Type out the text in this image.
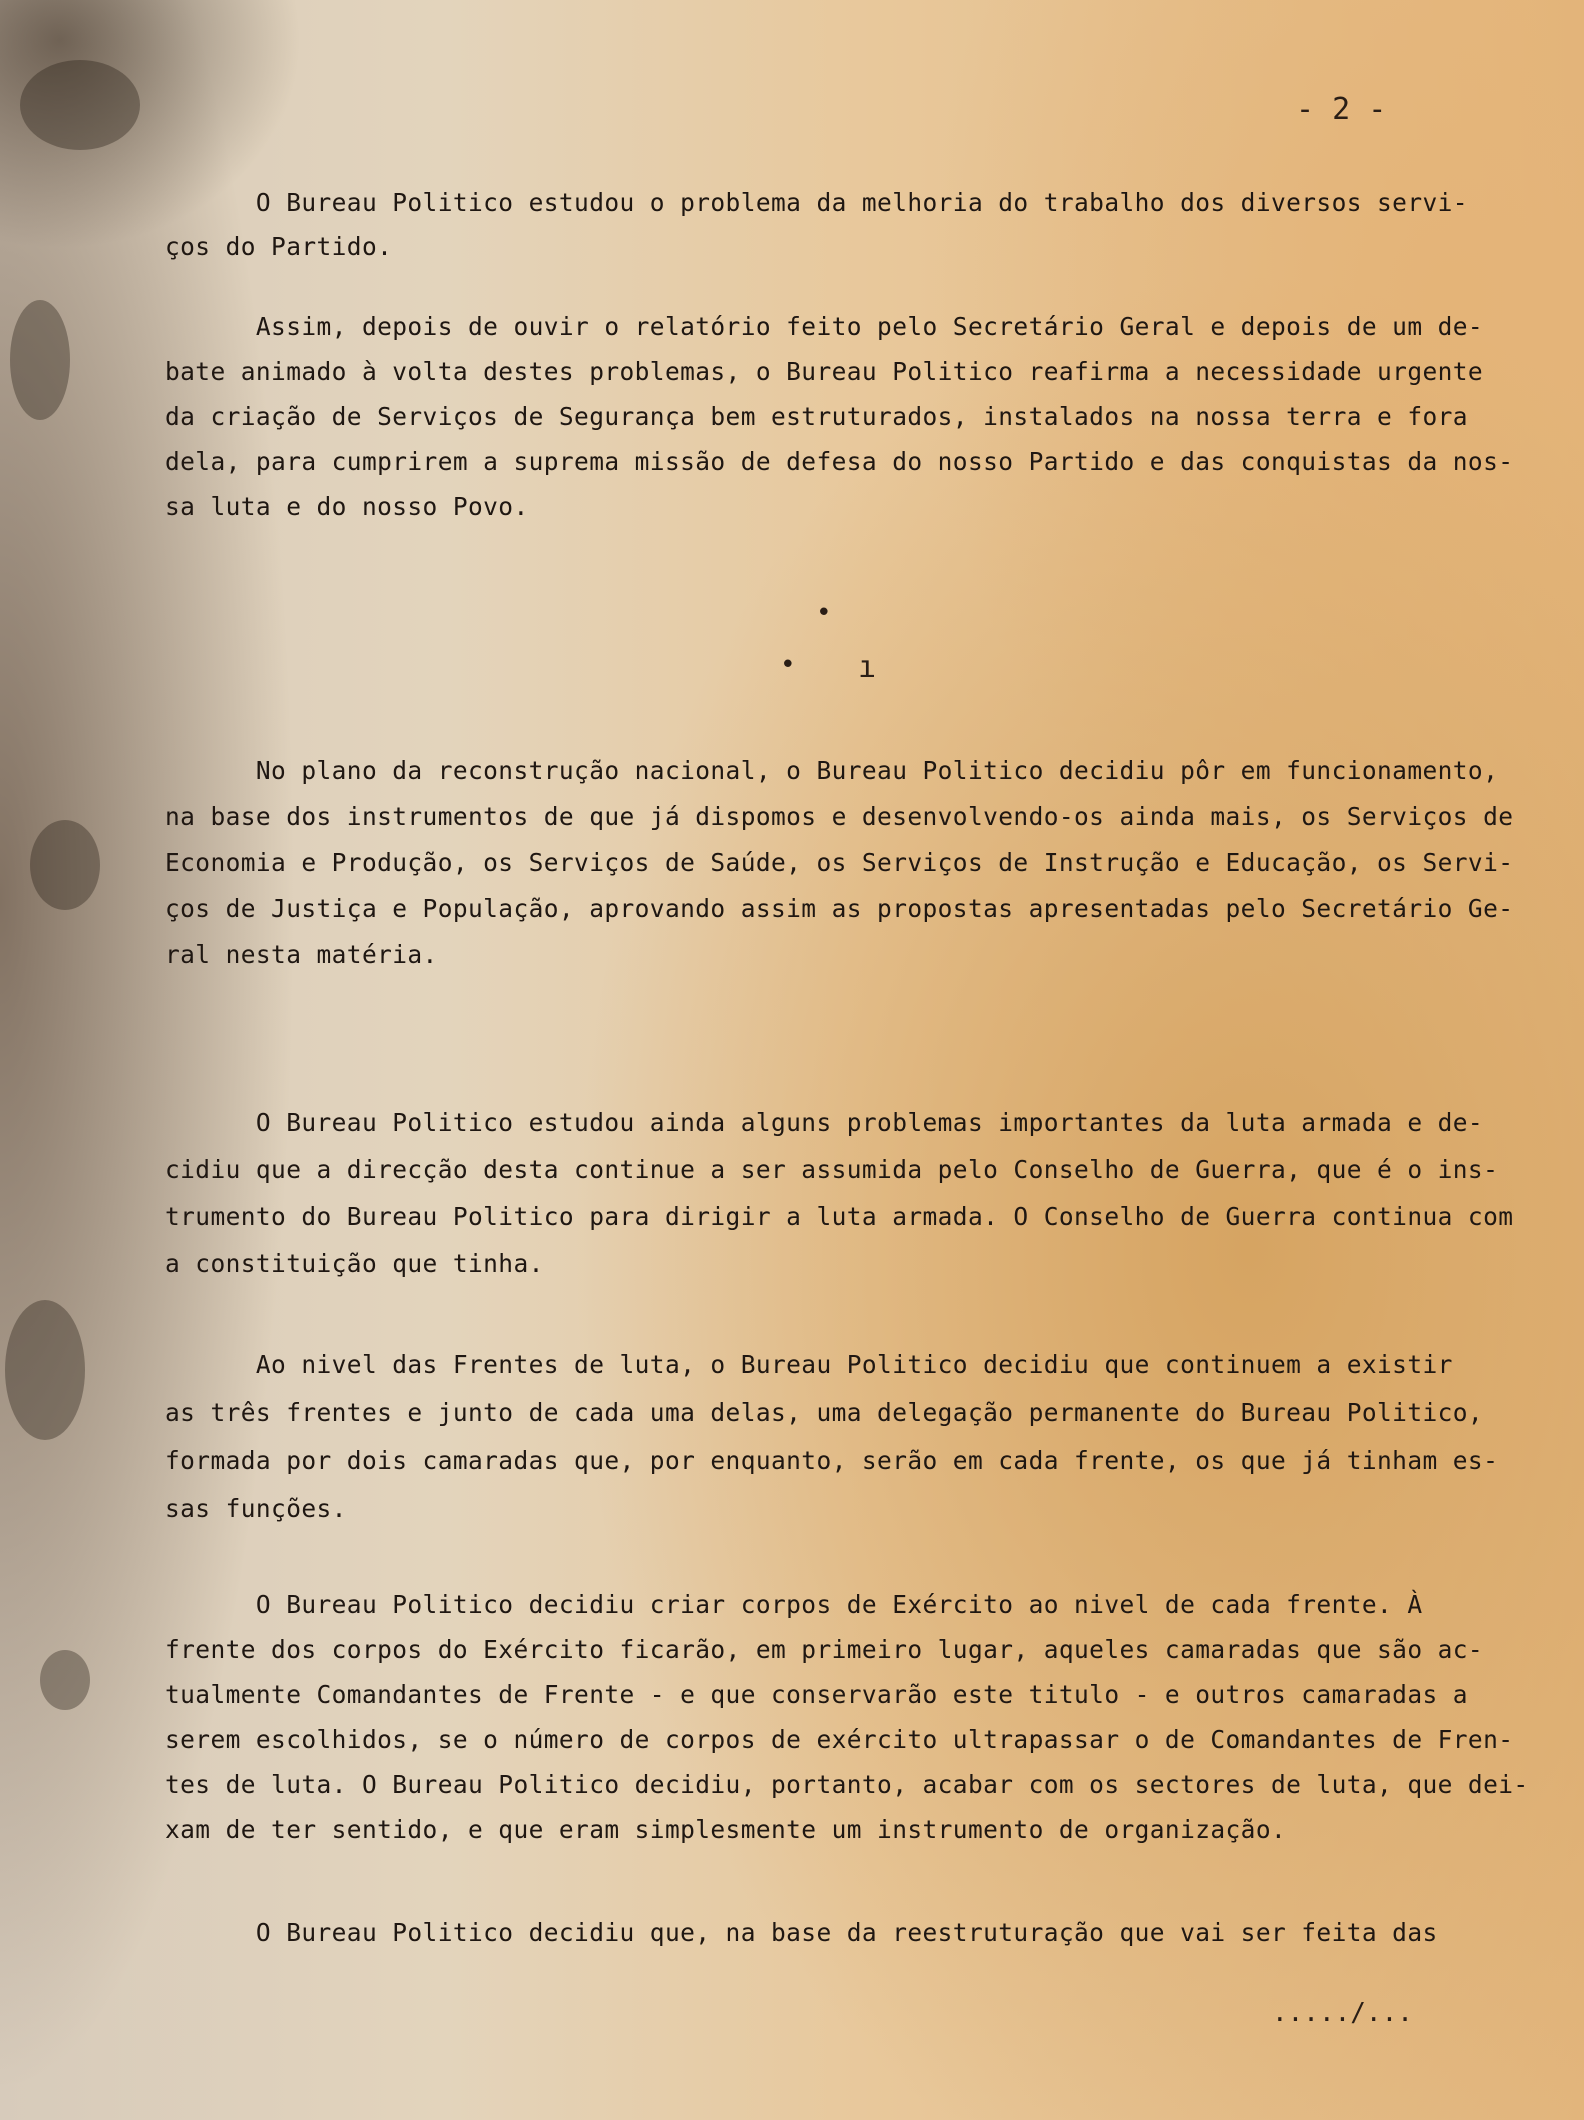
- 2 -
O Bureau Politico estudou o problema da melhoria do trabalho dos diversos servi-
ços do Partido.
Assim, depois de ouvir o relatório feito pelo Secretário Geral e depois de um de-
bate animado à volta destes problemas, o Bureau Politico reafirma a necessidade urgente
da criação de Serviços de Segurança bem estruturados, instalados na nossa terra e fora
dela, para cumprirem a suprema missão de defesa do nosso Partido e das conquistas da nos-
sa luta e do nosso Povo.
•
• ı
No plano da reconstrução nacional, o Bureau Politico decidiu pôr em funcionamento,
na base dos instrumentos de que já dispomos e desenvolvendo-os ainda mais, os Serviços de
Economia e Produção, os Serviços de Saúde, os Serviços de Instrução e Educação, os Servi-
ços de Justiça e População, aprovando assim as propostas apresentadas pelo Secretário Ge-
ral nesta matéria.
O Bureau Politico estudou ainda alguns problemas importantes da luta armada e de-
cidiu que a direcção desta continue a ser assumida pelo Conselho de Guerra, que é o ins-
trumento do Bureau Politico para dirigir a luta armada. O Conselho de Guerra continua com
a constituição que tinha.
Ao nivel das Frentes de luta, o Bureau Politico decidiu que continuem a existir
as três frentes e junto de cada uma delas, uma delegação permanente do Bureau Politico,
formada por dois camaradas que, por enquanto, serão em cada frente, os que já tinham es-
sas funções.
O Bureau Politico decidiu criar corpos de Exército ao nivel de cada frente. À
frente dos corpos do Exército ficarão, em primeiro lugar, aqueles camaradas que são ac-
tualmente Comandantes de Frente - e que conservarão este titulo - e outros camaradas a
serem escolhidos, se o número de corpos de exército ultrapassar o de Comandantes de Fren-
tes de luta. O Bureau Politico decidiu, portanto, acabar com os sectores de luta, que dei-
xam de ter sentido, e que eram simplesmente um instrumento de organização.
O Bureau Politico decidiu que, na base da reestruturação que vai ser feita das
...../...
